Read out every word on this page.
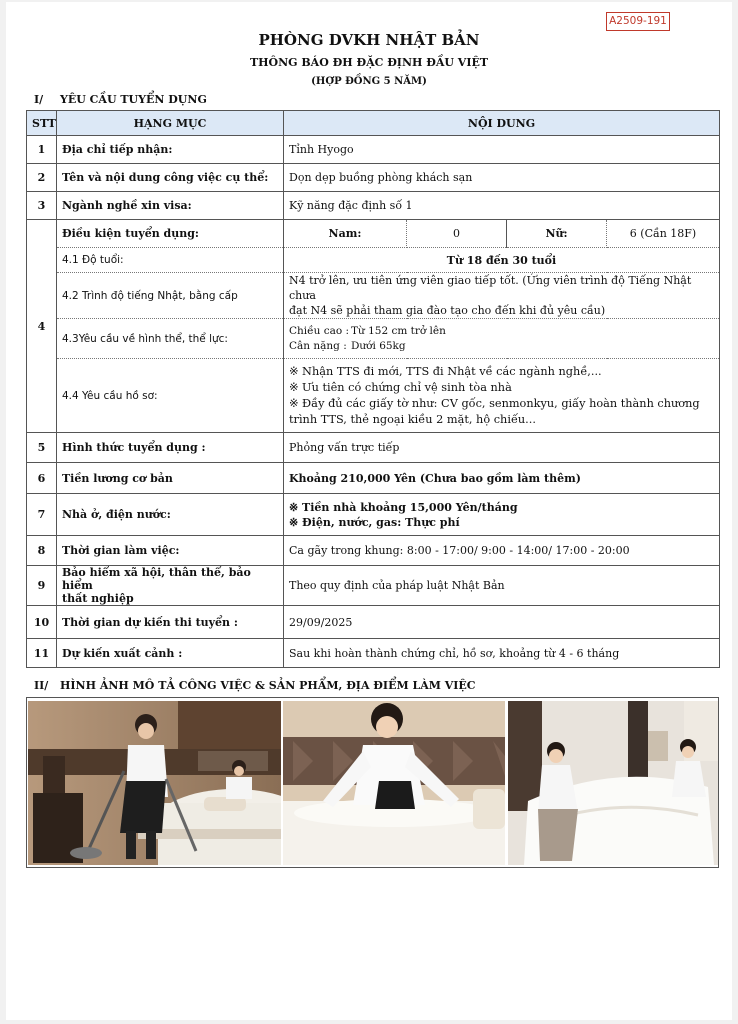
A2509-191
PHÒNG DVKH NHẬT BẢN
THÔNG BÁO ĐH ĐẶC ĐỊNH ĐẦU VIỆT
(HỢP ĐỒNG 5 NĂM)
I/ YÊU CẦU TUYỂN DỤNG
STT	HẠNG MỤC	NỘI DUNG			
1	Địa chỉ tiếp nhận:	Tỉnh Hyogo			
2	Tên và nội dung công việc cụ thể:	Dọn dẹp buồng phòng khách sạn			
3	Ngành nghề xin visa:	Kỹ năng đặc định số 1			
4	Điều kiện tuyển dụng:	Nam:	0	Nữ:	6 (Cần 18F)
	4.1 Độ tuổi:	Từ 18 đến 30 tuổi			
	4.2 Trình độ tiếng Nhật, bằng cấp	N4 trở lên, ưu tiên ứng viên giao tiếp tốt. (Ứng viên trình độ Tiếng Nhật chưa
đạt N4 sẽ phải tham gia đào tạo cho đến khi đủ yêu cầu)			

	4.3Yêu cầu về hình thể, thể lực:	Chiều cao : Từ 152 cm trở lên
Cân nặng : Dưới 65kg			

	4.4 Yêu cầu hồ sơ:	※ Nhận TTS đi mới, TTS đi Nhật về các ngành nghề,...
※ Ưu tiên có chứng chỉ vệ sinh tòa nhà
※ Đầy đủ các giấy tờ như: CV gốc, senmonkyu, giấy hoàn thành chương
trình TTS, thẻ ngoại kiều 2 mặt, hộ chiếu...			

5	Hình thức tuyển dụng :	Phỏng vấn trực tiếp			
6	Tiền lương cơ bản	Khoảng 210,000 Yên (Chưa bao gồm làm thêm)			
7	Nhà ở, điện nước:	※ Tiền nhà khoảng 15,000 Yên/tháng
※ Điện, nước, gas: Thực phí			

8	Thời gian làm việc:	Ca gãy trong khung: 8:00 - 17:00/ 9:00 - 14:00/ 17:00 - 20:00			
9	Bảo hiểm xã hội, thân thể, bảo hiểm
thất nghiệp	Theo quy định của pháp luật Nhật Bản			
10	Thời gian dự kiến thi tuyển :	29/09/2025			
11	Dự kiến xuất cảnh :	Sau khi hoàn thành chứng chỉ, hồ sơ, khoảng từ 4 - 6 tháng			
II/ HÌNH ẢNH MÔ TẢ CÔNG VIỆC & SẢN PHẨM, ĐỊA ĐIỂM LÀM VIỆC
